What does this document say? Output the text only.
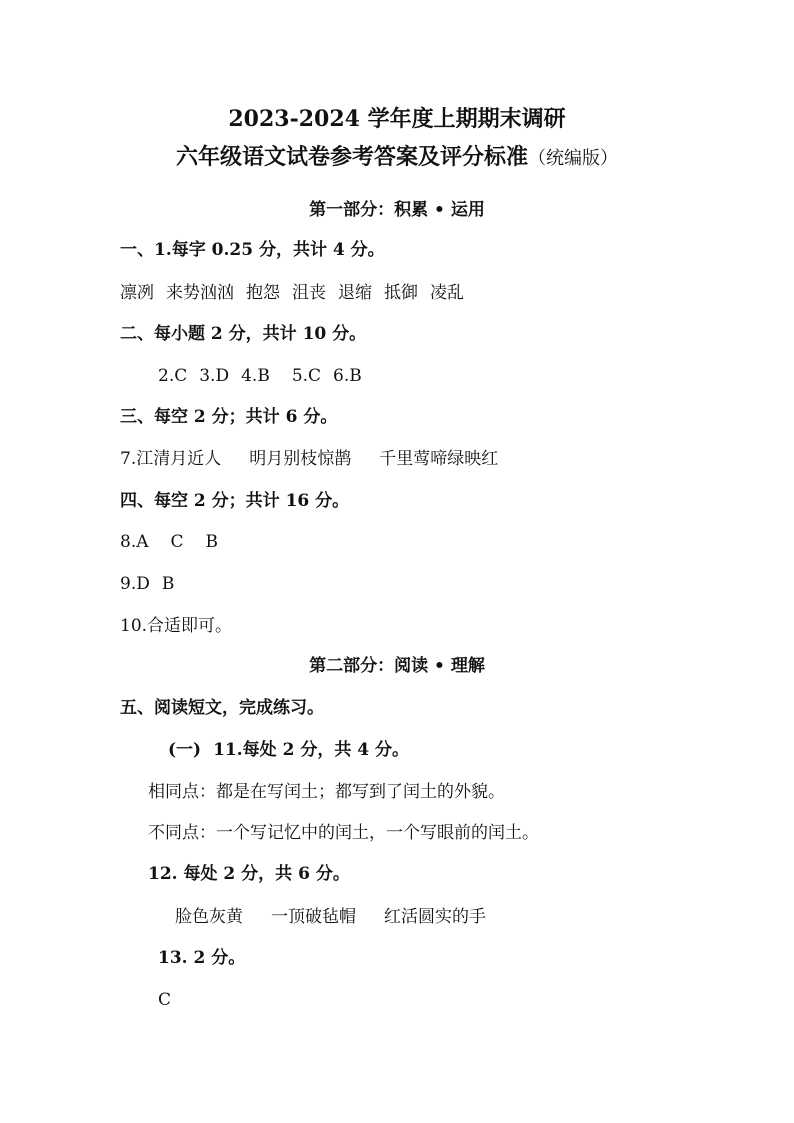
2023-2024 学年度上期期末调研
六年级语文试卷参考答案及评分标准（统编版）
第一部分：积累 • 运用
一、1.每字 0.25 分，共计 4 分。
凛冽 来势汹汹 抱怨 沮丧 退缩 抵御 凌乱
二、每小题 2 分，共计 10 分。
2.C 3.D 4.B 5.C 6.B
三、每空 2 分；共计 6 分。
7.江清月近人 明月别枝惊鹊 千里莺啼绿映红
四、每空 2 分；共计 16 分。
8.A C B
9.D B
10.合适即可。
第二部分：阅读 • 理解
五、阅读短文，完成练习。
(一) 11.每处 2 分，共 4 分。
相同点：都是在写闰土；都写到了闰土的外貌。
不同点：一个写记忆中的闰土，一个写眼前的闰土。
12. 每处 2 分，共 6 分。
脸色灰黄 一顶破毡帽 红活圆实的手
13. 2 分。
C
